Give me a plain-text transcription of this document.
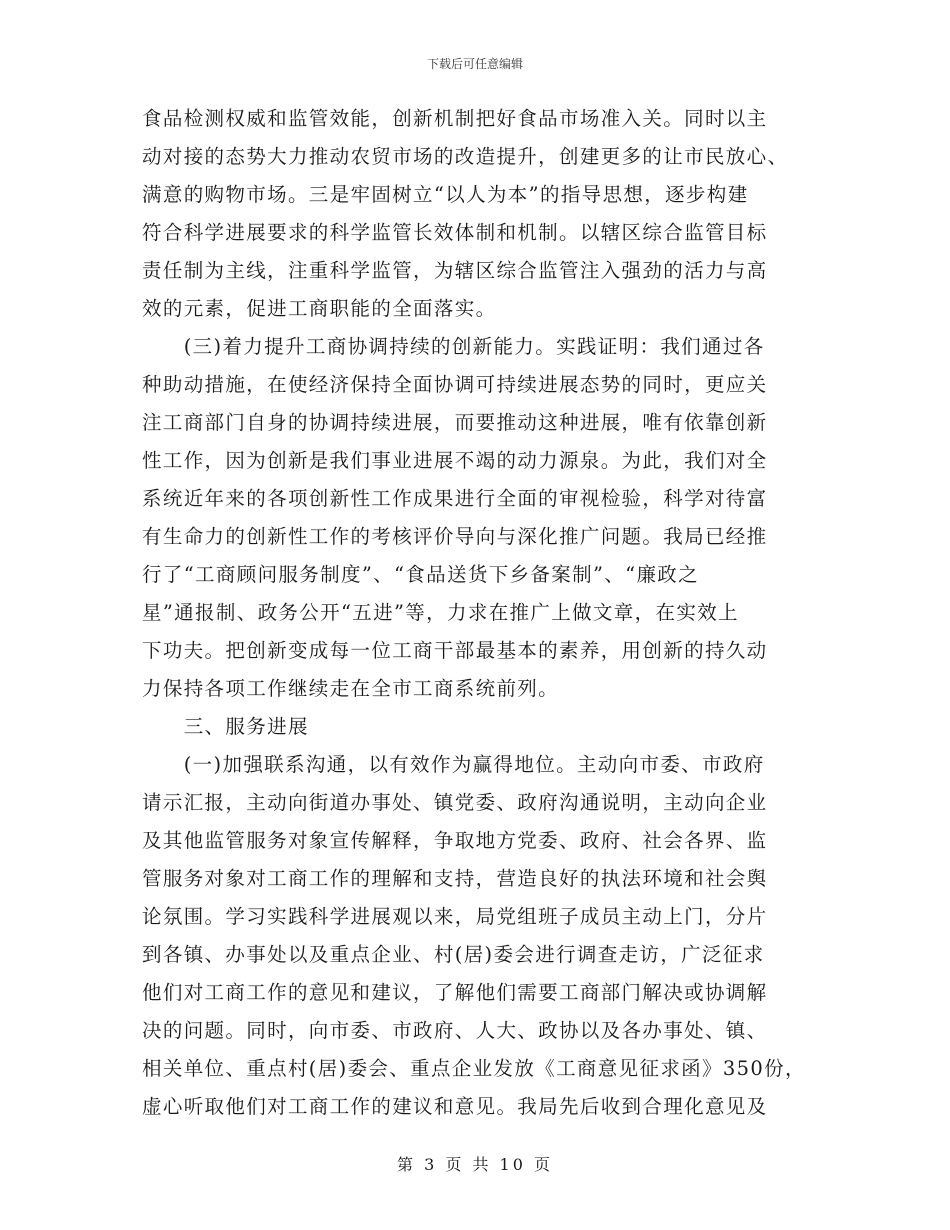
下载后可任意编辑
食品检测权威和监管效能，创新机制把好食品市场准入关。同时以主
动对接的态势大力推动农贸市场的改造提升，创建更多的让市民放心、
满意的购物市场。三是牢固树立“以人为本”的指导思想，逐步构建
符合科学进展要求的科学监管长效体制和机制。以辖区综合监管目标
责任制为主线，注重科学监管，为辖区综合监管注入强劲的活力与高
效的元素，促进工商职能的全面落实。
　　(三)着力提升工商协调持续的创新能力。实践证明：我们通过各
种助动措施，在使经济保持全面协调可持续进展态势的同时，更应关
注工商部门自身的协调持续进展，而要推动这种进展，唯有依靠创新
性工作，因为创新是我们事业进展不竭的动力源泉。为此，我们对全
系统近年来的各项创新性工作成果进行全面的审视检验，科学对待富
有生命力的创新性工作的考核评价导向与深化推广问题。我局已经推
行了“工商顾问服务制度”、“食品送货下乡备案制”、“廉政之
星”通报制、政务公开“五进”等，力求在推广上做文章，在实效上
下功夫。把创新变成每一位工商干部最基本的素养，用创新的持久动
力保持各项工作继续走在全市工商系统前列。
　　三、服务进展
　　(一)加强联系沟通，以有效作为赢得地位。主动向市委、市政府
请示汇报，主动向街道办事处、镇党委、政府沟通说明，主动向企业
及其他监管服务对象宣传解释，争取地方党委、政府、社会各界、监
管服务对象对工商工作的理解和支持，营造良好的执法环境和社会舆
论氛围。学习实践科学进展观以来，局党组班子成员主动上门，分片
到各镇、办事处以及重点企业、村(居)委会进行调查走访，广泛征求
他们对工商工作的意见和建议，了解他们需要工商部门解决或协调解
决的问题。同时，向市委、市政府、人大、政协以及各办事处、镇、
相关单位、重点村(居)委会、重点企业发放《工商意见征求函》350份，
虚心听取他们对工商工作的建议和意见。我局先后收到合理化意见及
第 3 页 共 10 页
